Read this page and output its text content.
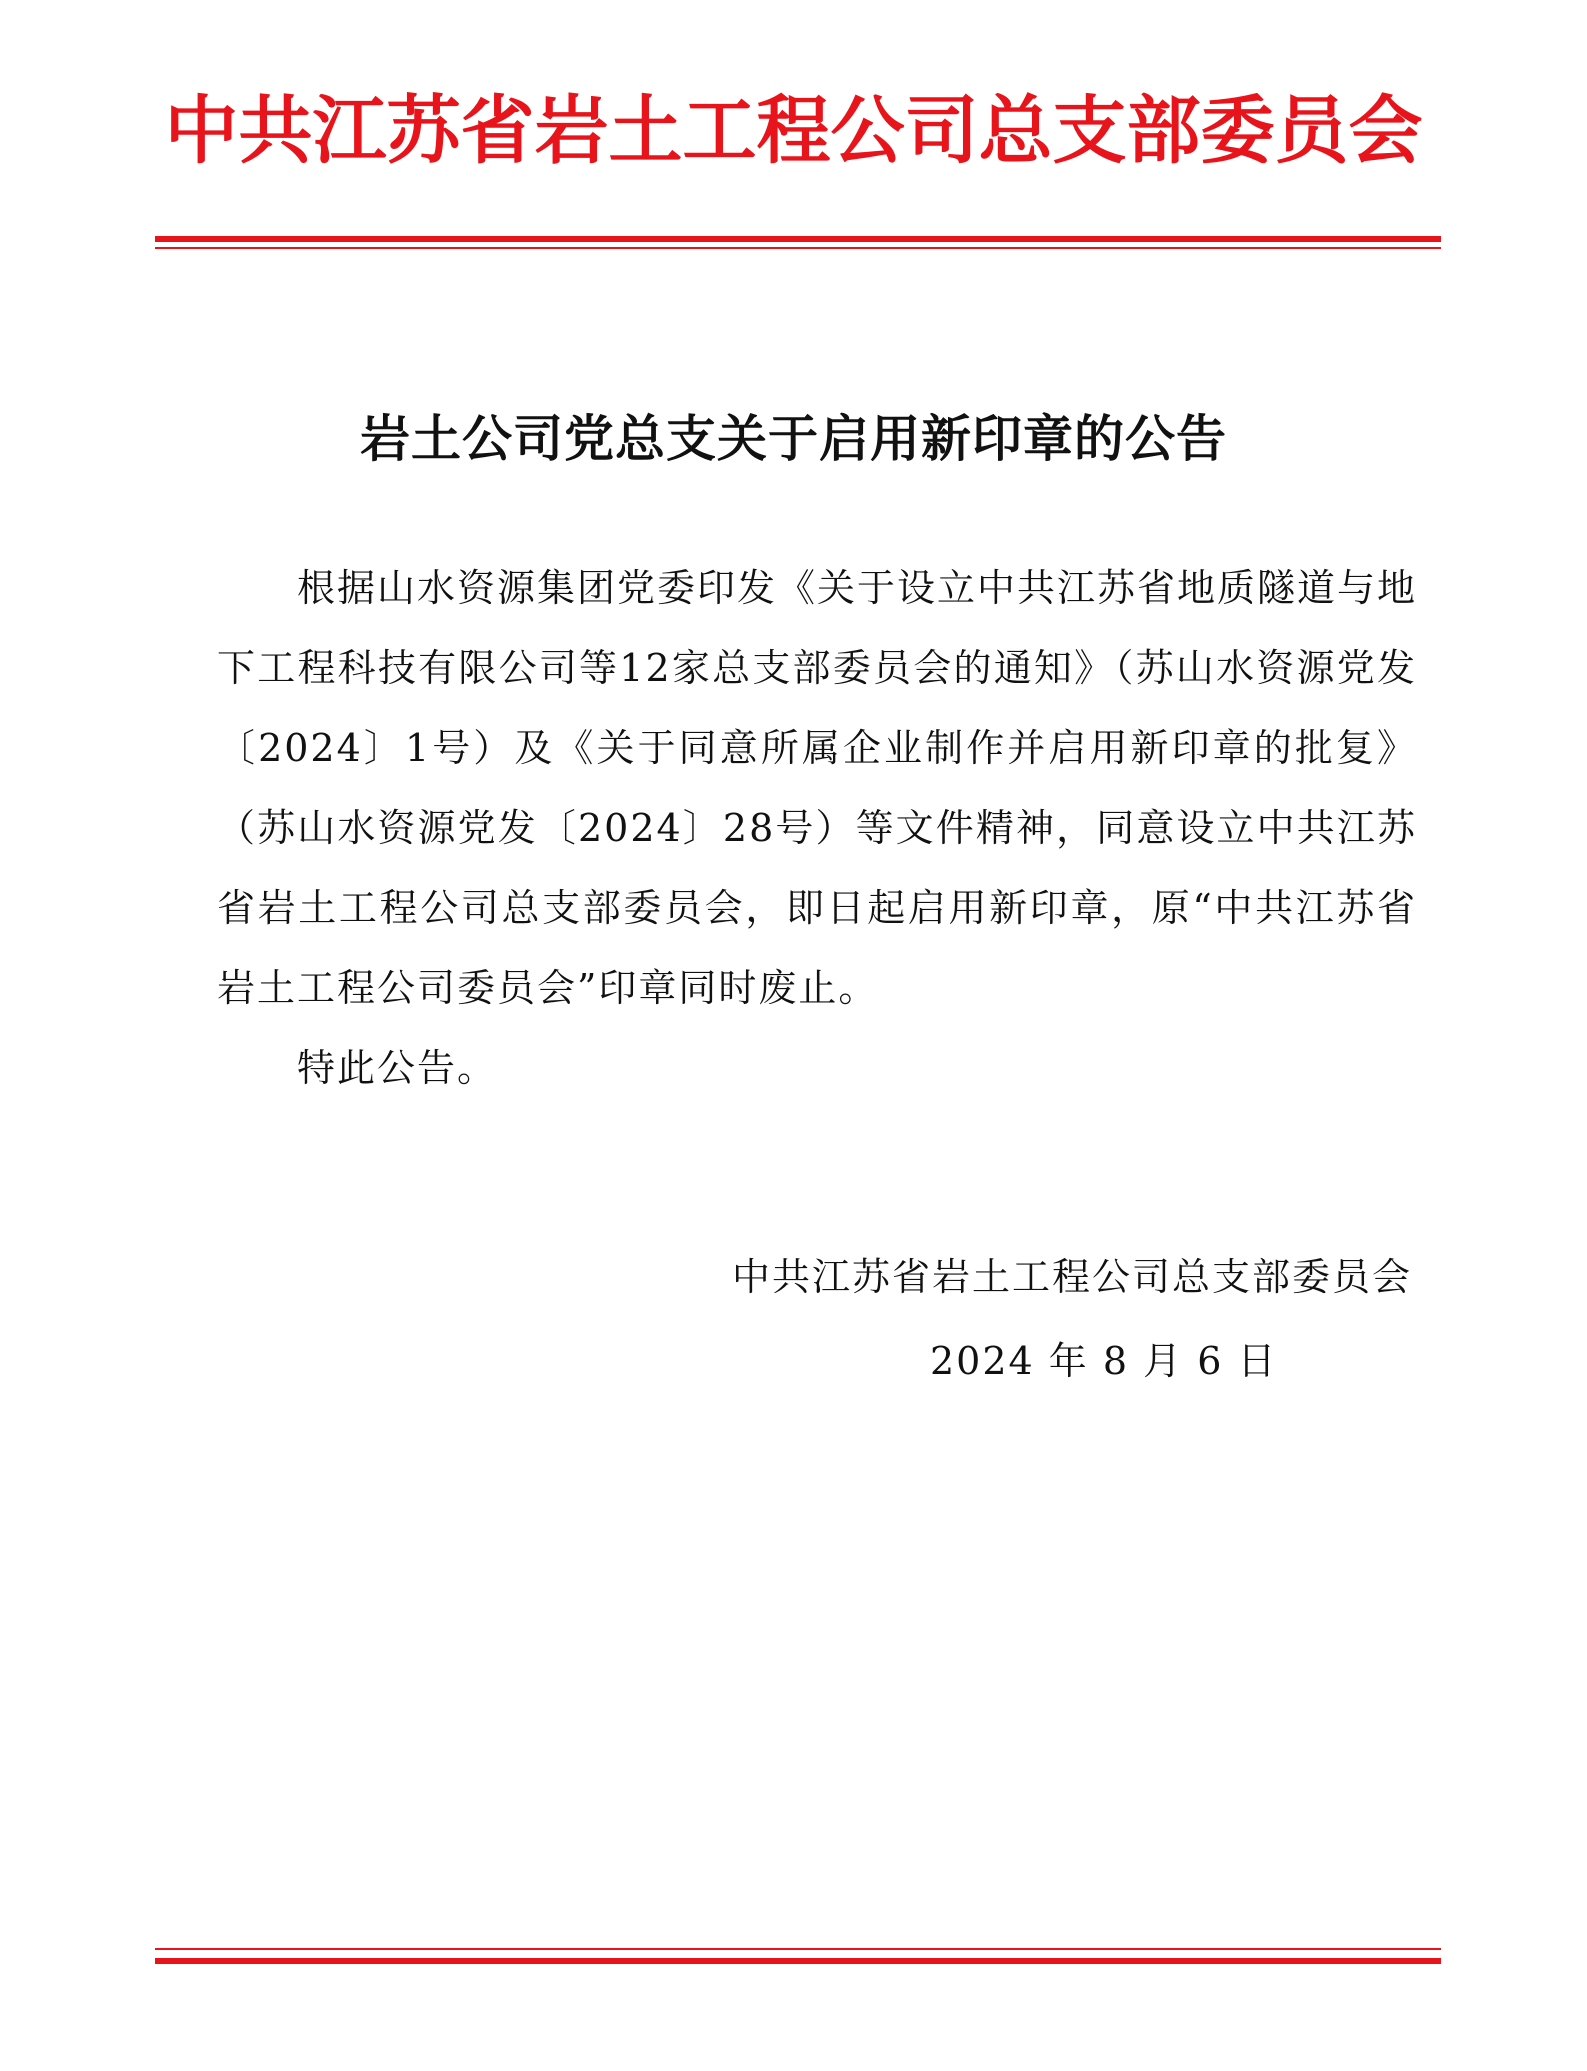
中共江苏省岩土工程公司总支部委员会
岩土公司党总支关于启用新印章的公告

根据山水资源集团党委印发《关于设立中共江苏省地质隧道与地下工程科技有限公司等12家总支部委员会的通知》（苏山水资源党发〔2024〕1号）及《关于同意所属企业制作并启用新印章的批复》（苏山水资源党发〔2024〕28号）等文件精神，同意设立中共江苏省岩土工程公司总支部委员会，即日起启用新印章，原“中共江苏省岩土工程公司委员会”印章同时废止。

特此公告。

中共江苏省岩土工程公司总支部委员会
2024 年 8 月 6 日
